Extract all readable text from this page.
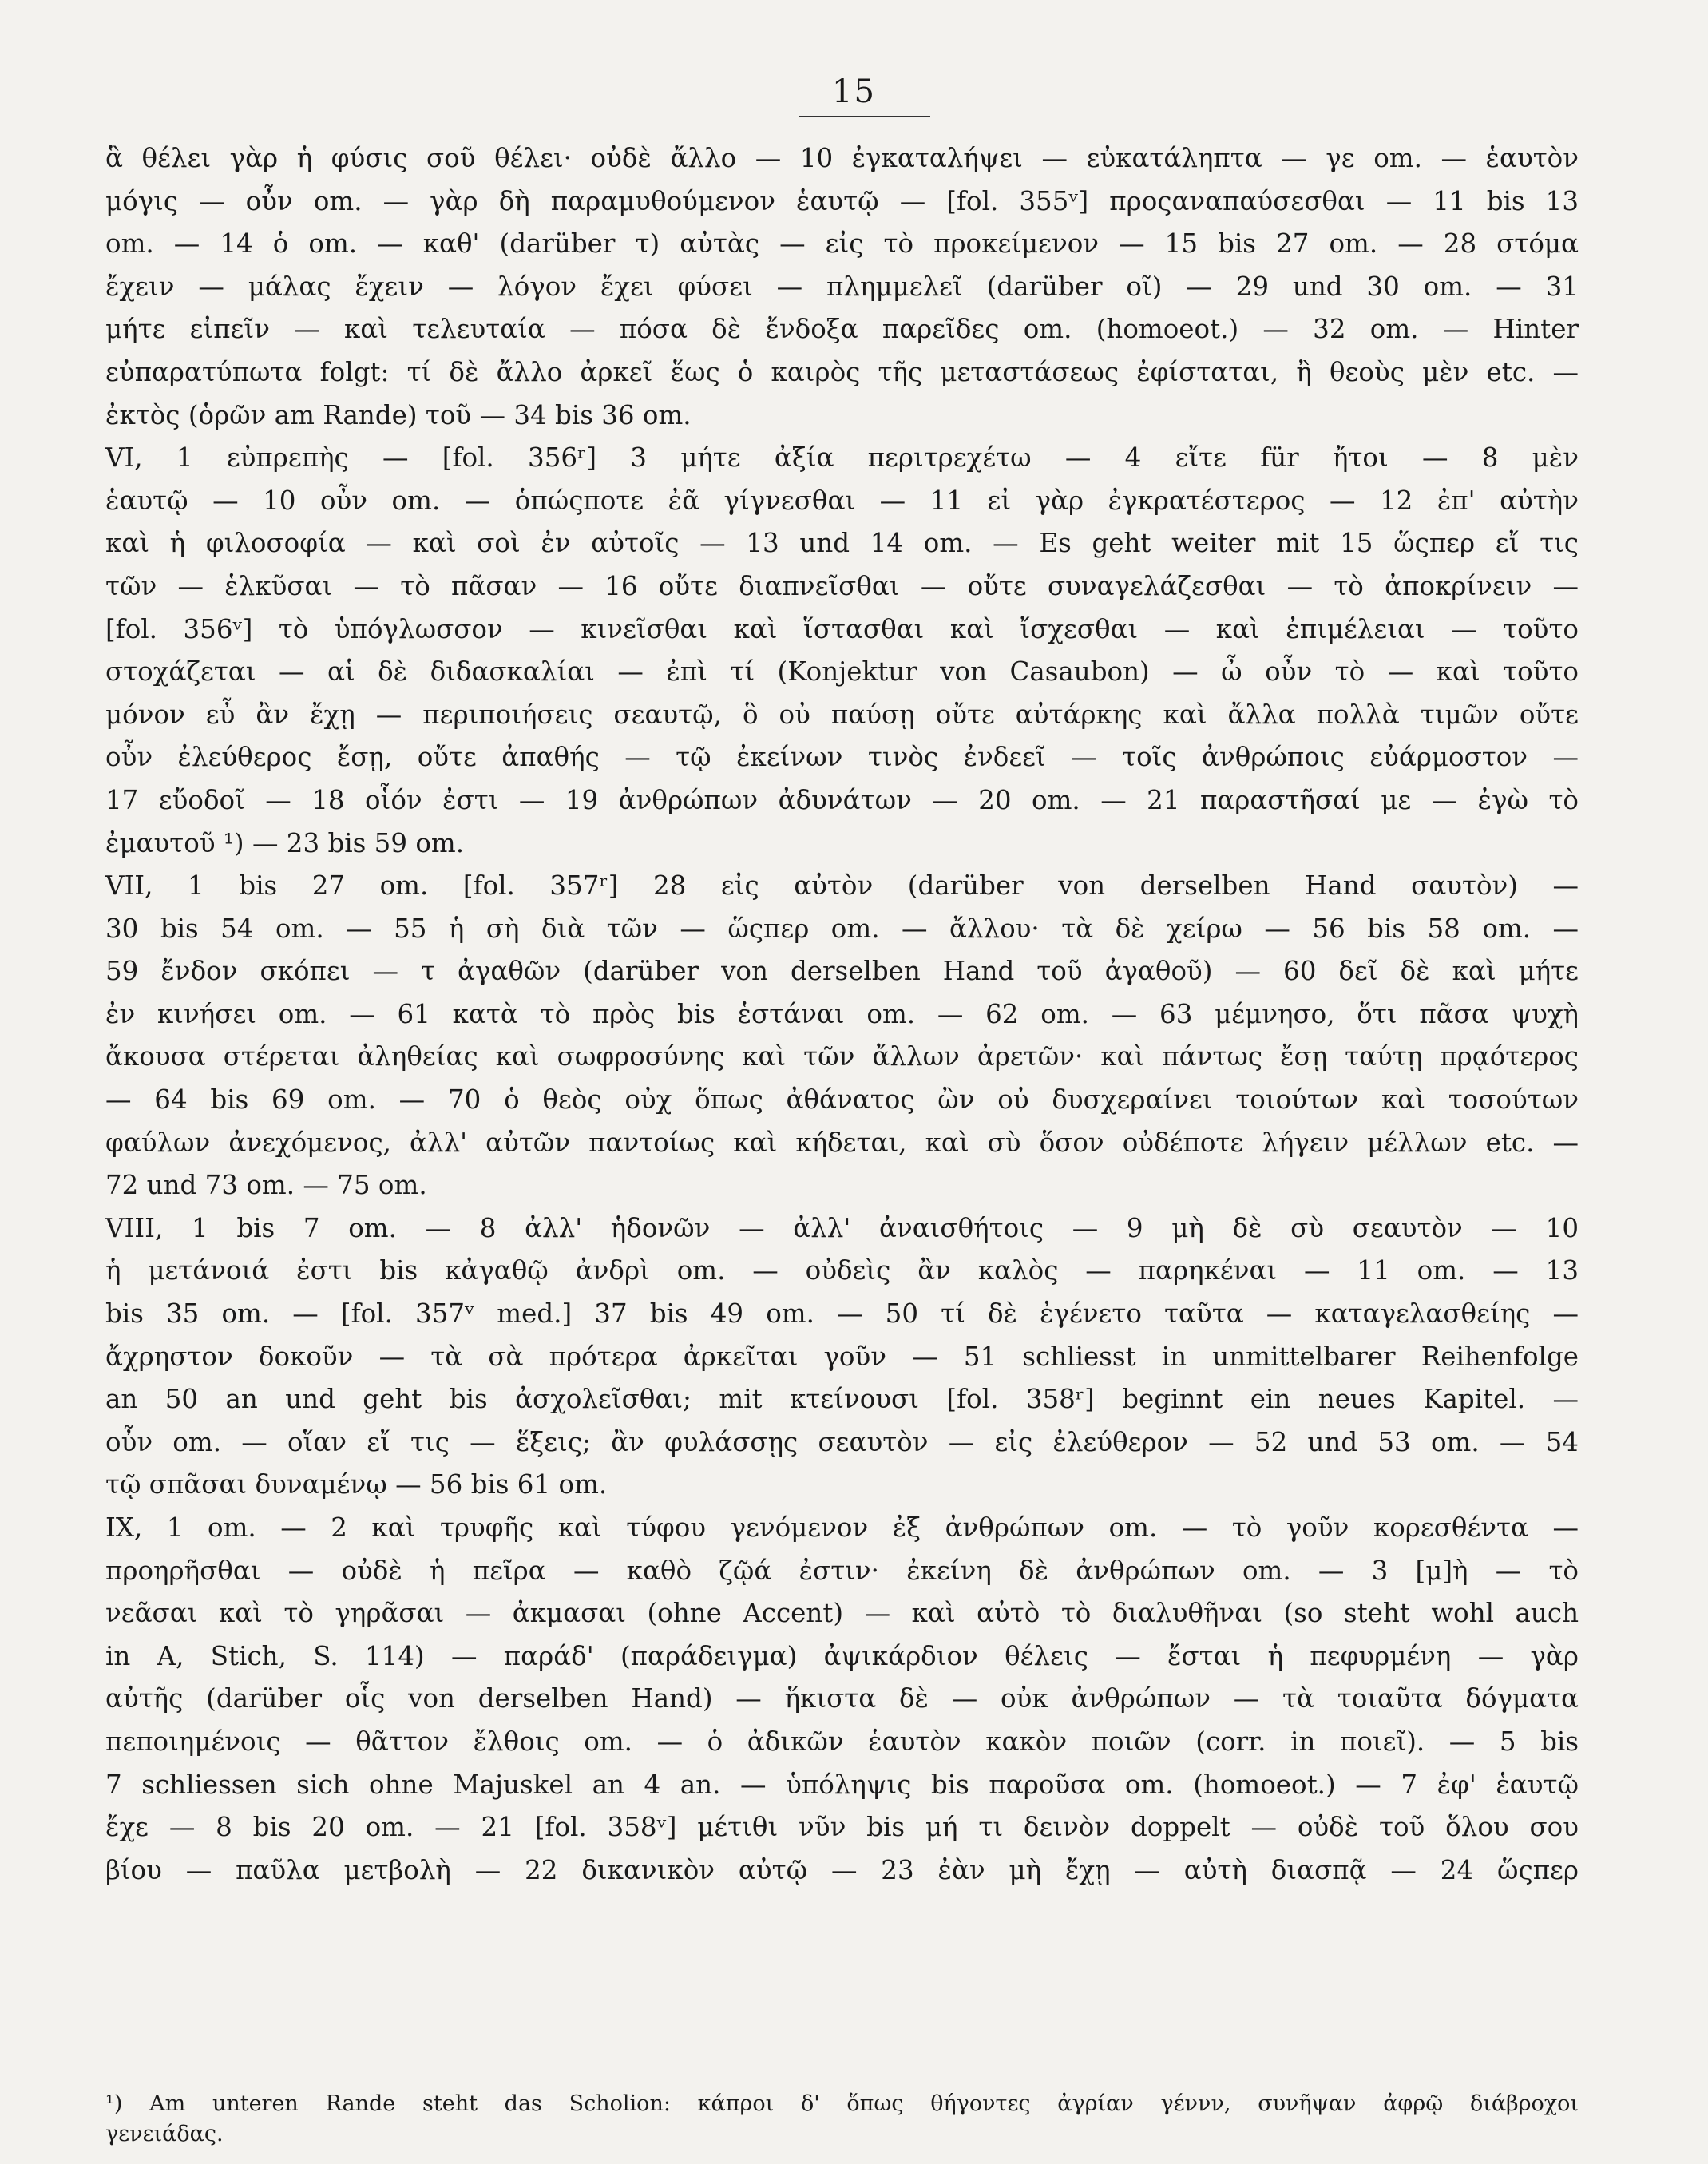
15
ἃ θέλει γὰρ ἡ φύσις σοῦ θέλει· οὐδὲ ἄλλο — 10 ἐγκαταλήψει — εὐκατάληπτα — γε om. — ἑαυτὸν
μόγις — οὖν om. — γὰρ δὴ παραμυθούμενον ἑαυτῷ — [fol. 355ᵛ] προςαναπαύσεσθαι — 11 bis 13
om. — 14 ὁ om. — καθ' (darüber τ) αὐτὰς — εἰς τὸ προκείμενον — 15 bis 27 om. — 28 στόμα
ἔχειν — μάλας ἔχειν — λόγον ἔχει φύσει — πλημμελεῖ (darüber οῖ) — 29 und 30 om. — 31
μήτε εἰπεῖν — καὶ τελευταία — πόσα δὲ ἔνδοξα παρεῖδες om. (homoeot.) — 32 om. — Hinter
εὐπαρατύπωτα folgt: τί δὲ ἄλλο ἀρκεῖ ἕως ὁ καιρὸς τῆς μεταστάσεως ἐφίσταται, ἢ θεοὺς μὲν etc. —
ἐκτὸς (ὁρῶν am Rande) τοῦ — 34 bis 36 om.
VI, 1 εὐπρεπὴς — [fol. 356ʳ] 3 μήτε ἀξία περιτρεχέτω — 4 εἴτε für ἤτοι — 8 μὲν
ἑαυτῷ — 10 οὖν om. — ὁπώςποτε ἐᾶ γίγνεσθαι — 11 εἰ γὰρ ἐγκρατέστερος — 12 ἐπ' αὐτὴν
καὶ ἡ φιλοσοφία — καὶ σοὶ ἐν αὐτοῖς — 13 und 14 om. — Es geht weiter mit 15 ὥςπερ εἴ τις
τῶν — ἑλκῦσαι — τὸ πᾶσαν — 16 οὔτε διαπνεῖσθαι — οὔτε συναγελάζεσθαι — τὸ ἀποκρίνειν —
[fol. 356ᵛ] τὸ ὑπόγλωσσον — κινεῖσθαι καὶ ἵστασθαι καὶ ἴσχεσθαι — καὶ ἐπιμέλειαι — τοῦτο
στοχάζεται — αἱ δὲ διδασκαλίαι — ἐπὶ τί (Konjektur von Casaubon) — ὦ οὖν τὸ — καὶ τοῦτο
μόνον εὖ ἂν ἔχῃ — περιποιήσεις σεαυτῷ, ὃ οὐ παύσῃ οὔτε αὐτάρκης καὶ ἄλλα πολλὰ τιμῶν οὔτε
οὖν ἐλεύθερος ἔσῃ, οὔτε ἀπαθής — τῷ ἐκείνων τινὸς ἐνδεεῖ — τοῖς ἀνθρώποις εὐάρμοστον —
17 εὔοδοῖ — 18 οἷόν ἐστι — 19 ἀνθρώπων ἀδυνάτων — 20 om. — 21 παραστῆσαί με — ἐγὼ τὸ
ἐμαυτοῦ ¹) — 23 bis 59 om.
VII, 1 bis 27 om. [fol. 357ʳ] 28 εἰς αὐτὸν (darüber von derselben Hand σαυτὸν) —
30 bis 54 om. — 55 ἡ σὴ διὰ τῶν — ὥςπερ om. — ἄλλου· τὰ δὲ χείρω — 56 bis 58 om. —
59 ἔνδον σκόπει — τ ἀγαθῶν (darüber von derselben Hand τοῦ ἀγαθοῦ) — 60 δεῖ δὲ καὶ μήτε
ἐν κινήσει om. — 61 κατὰ τὸ πρὸς bis ἑστάναι om. — 62 om. — 63 μέμνησο, ὅτι πᾶσα ψυχὴ
ἄκουσα στέρεται ἀληθείας καὶ σωφροσύνης καὶ τῶν ἄλλων ἀρετῶν· καὶ πάντως ἔσῃ ταύτῃ πρᾳότερος
— 64 bis 69 om. — 70 ὁ θεὸς οὐχ ὅπως ἀθάνατος ὢν οὐ δυσχεραίνει τοιούτων καὶ τοσούτων
φαύλων ἀνεχόμενος, ἀλλ' αὐτῶν παντοίως καὶ κήδεται, καὶ σὺ ὅσον οὐδέποτε λήγειν μέλλων etc. —
72 und 73 om. — 75 om.
VIII, 1 bis 7 om. — 8 ἀλλ' ἡδονῶν — ἀλλ' ἀναισθήτοις — 9 μὴ δὲ σὺ σεαυτὸν — 10
ἡ μετάνοιά ἐστι bis κἀγαθῷ ἀνδρὶ om. — οὐδεὶς ἂν καλὸς — παρηκέναι — 11 om. — 13
bis 35 om. — [fol. 357ᵛ med.] 37 bis 49 om. — 50 τί δὲ ἐγένετο ταῦτα — καταγελασθείης —
ἄχρηστον δοκοῦν — τὰ σὰ πρότερα ἀρκεῖται γοῦν — 51 schliesst in unmittelbarer Reihenfolge
an 50 an und geht bis ἀσχολεῖσθαι; mit κτείνουσι [fol. 358ʳ] beginnt ein neues Kapitel. —
οὖν om. — οἵαν εἴ τις — ἕξεις; ἂν φυλάσσῃς σεαυτὸν — εἰς ἐλεύθερον — 52 und 53 om. — 54
τῷ σπᾶσαι δυναμένῳ — 56 bis 61 om.
IX, 1 om. — 2 καὶ τρυφῆς καὶ τύφου γενόμενον ἐξ ἀνθρώπων om. — τὸ γοῦν κορεσθέντα —
προηρῆσθαι — οὐδὲ ἡ πεῖρα — καθὸ ζῷά ἐστιν· ἐκείνη δὲ ἀνθρώπων om. — 3 [μ]ὴ — τὸ
νεᾶσαι καὶ τὸ γηρᾶσαι — ἀκμασαι (ohne Accent) — καὶ αὐτὸ τὸ διαλυθῆναι (so steht wohl auch
in A, Stich, S. 114) — παράδ' (παράδειγμα) ἀψικάρδιον θέλεις — ἔσται ἡ πεφυρμένη — γὰρ
αὐτῆς (darüber οἷς von derselben Hand) — ἥκιστα δὲ — οὐκ ἀνθρώπων — τὰ τοιαῦτα δόγματα
πεποιημένοις — θᾶττον ἔλθοις om. — ὁ ἀδικῶν ἑαυτὸν κακὸν ποιῶν (corr. in ποιεῖ). — 5 bis
7 schliessen sich ohne Majuskel an 4 an. — ὑπόληψις bis παροῦσα om. (homoeot.) — 7 ἐφ' ἑαυτῷ
ἔχε — 8 bis 20 om. — 21 [fol. 358ᵛ] μέτιθι νῦν bis μή τι δεινὸν doppelt — οὐδὲ τοῦ ὅλου σου
βίου — παῦλα μετβολὴ — 22 δικανικὸν αὐτῷ — 23 ἐὰν μὴ ἔχῃ — αὐτὴ διασπᾷ — 24 ὥςπερ
¹) Am unteren Rande steht das Scholion: κάπροι δ' ὅπως θήγοντες ἀγρίαν γέννν, συνῆψαν ἀφρῷ διάβροχοι
γενειάδας.
